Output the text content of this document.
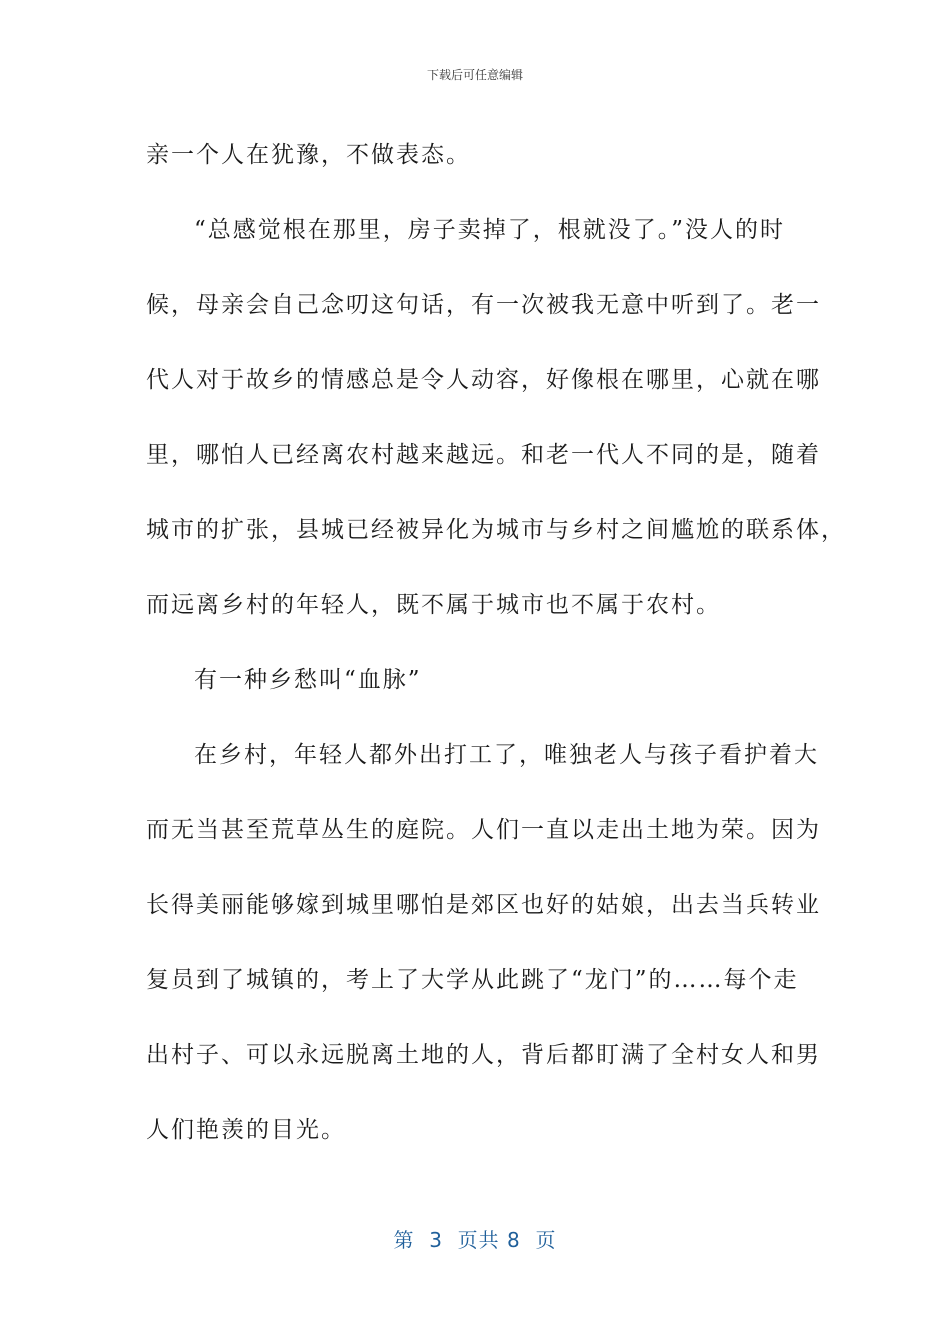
下载后可任意编辑

亲一个人在犹豫，不做表态。

“总感觉根在那里，房子卖掉了，根就没了。”没人的时

候，母亲会自己念叨这句话，有一次被我无意中听到了。老一

代人对于故乡的情感总是令人动容，好像根在哪里，心就在哪

里，哪怕人已经离农村越来越远。和老一代人不同的是，随着

城市的扩张，县城已经被异化为城市与乡村之间尴尬的联系体，

而远离乡村的年轻人，既不属于城市也不属于农村。

有一种乡愁叫“血脉”

在乡村，年轻人都外出打工了，唯独老人与孩子看护着大

而无当甚至荒草丛生的庭院。人们一直以走出土地为荣。因为

长得美丽能够嫁到城里哪怕是郊区也好的姑娘，出去当兵转业

复员到了城镇的，考上了大学从此跳了“龙门”的……每个走

出村子、可以永远脱离土地的人，背后都盯满了全村女人和男

人们艳羡的目光。

第  3  页共 8  页
